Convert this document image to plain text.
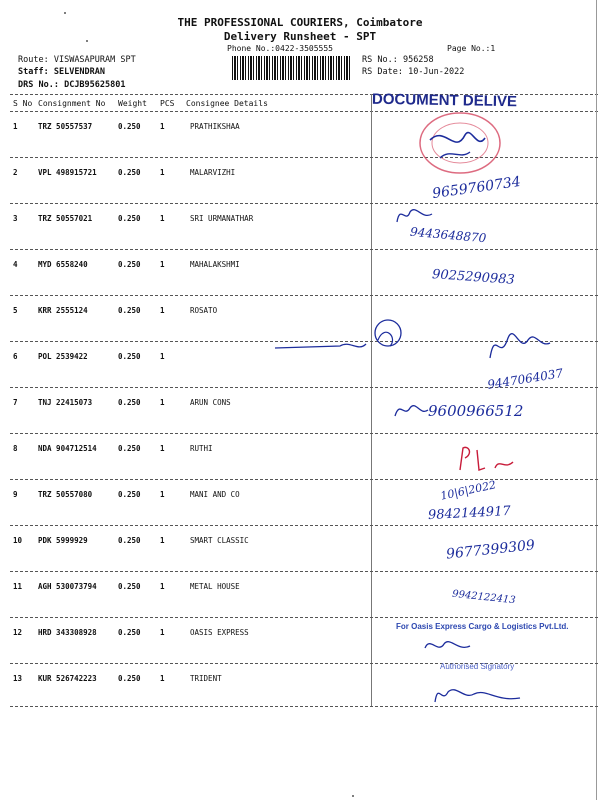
THE PROFESSIONAL COURIERS, Coimbatore
Delivery Runsheet - SPT
Phone No.:0422-3505555	Page No.:1
Route: VISWASAPURAM SPT
Staff: SELVENDRAN
DRS No.: DCJB95625801
RS No.: 956258
RS Date: 10-Jun-2022
S No Consignment No Weight PCS Consignee Details
1	TRZ 50557537	0.250	1	PRATHIKSHAA
2	VPL 498915721	0.250	1	MALARVIZHI
3	TRZ 50557021	0.250	1	SRI URMANATHAR
4	MYD 6558240	0.250	1	MAHALAKSHMI
5	KRR 2555124	0.250	1	ROSATO
6	POL 2539422	0.250	1
7	TNJ 22415073	0.250	1	ARUN CONS
8	NDA 904712514	0.250	1	RUTHI
9	TRZ 50557080	0.250	1	MANI AND CO
10 PDK 5999929	0.250	1	SMART CLASSIC
11 AGH 530073794	0.250	1	METAL HOUSE
12 HRD 343308928	0.250	1	OASIS EXPRESS
13 KUR 526742223	0.250	1	TRIDENT
DOCUMENT DELIVE
9659760734
9443648870
9025290983
9447064037
9600966512
10|6|2022
9842144917
9677399309
9942122413
For Oasis Express Cargo & Logistics Pvt.Ltd.
Authorised Signatory
